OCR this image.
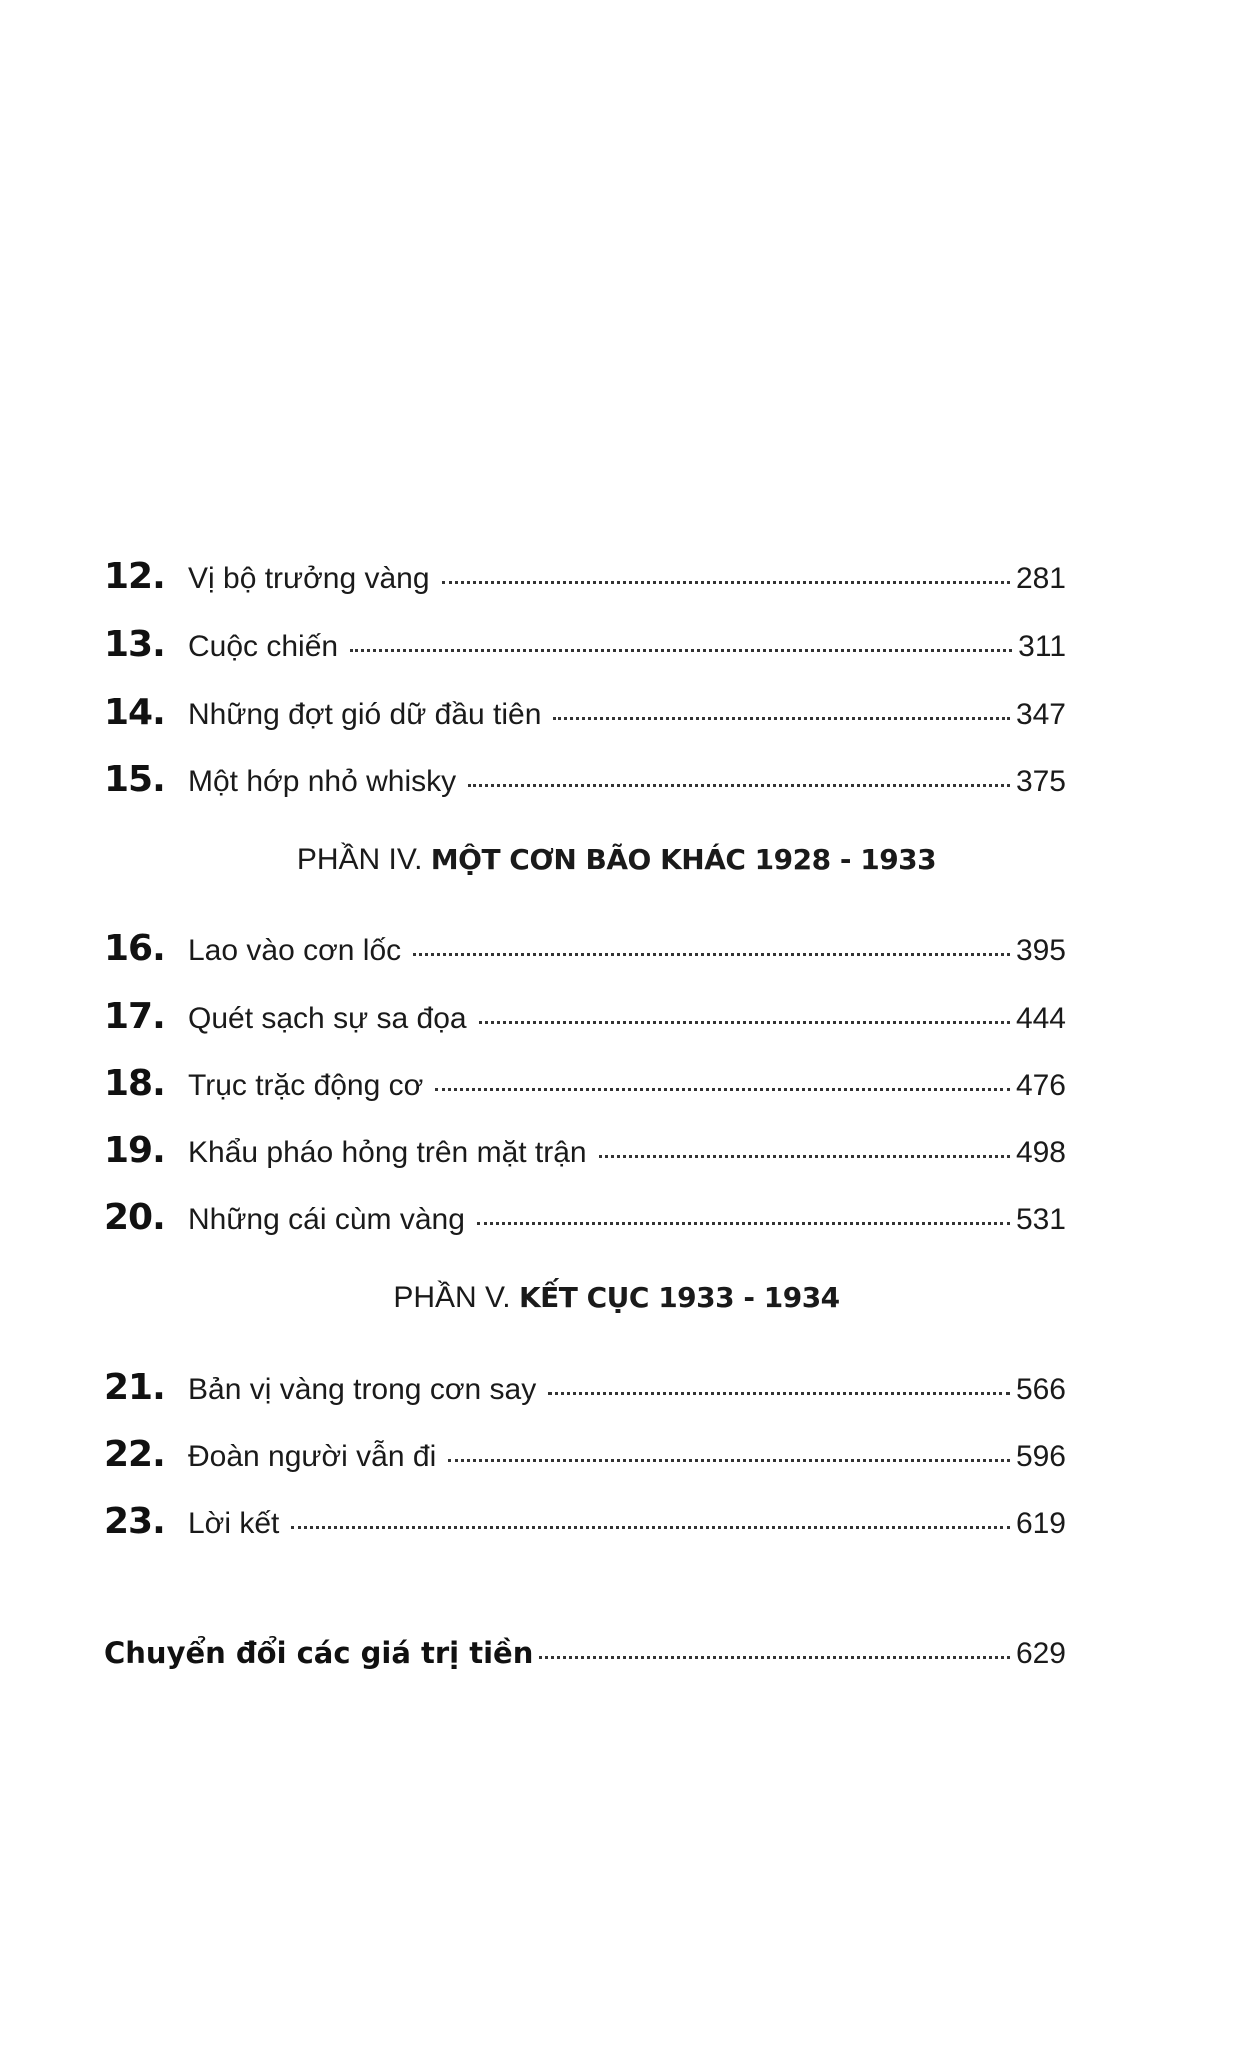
12. Vị bộ trưởng vàng	281
13. Cuộc chiến	311
14. Những đợt gió dữ đầu tiên	347
15. Một hớp nhỏ whisky	375
PHẦN IV. MỘT CƠN BÃO KHÁC 1928 - 1933
16. Lao vào cơn lốc	395
17. Quét sạch sự sa đọa	444
18. Trục trặc động cơ	476
19. Khẩu pháo hỏng trên mặt trận	498
20. Những cái cùm vàng	531
PHẦN V. KẾT CỤC 1933 - 1934
21. Bản vị vàng trong cơn say	566
22. Đoàn người vẫn đi	596
23. Lời kết	619
Chuyển đổi các giá trị tiền	629
